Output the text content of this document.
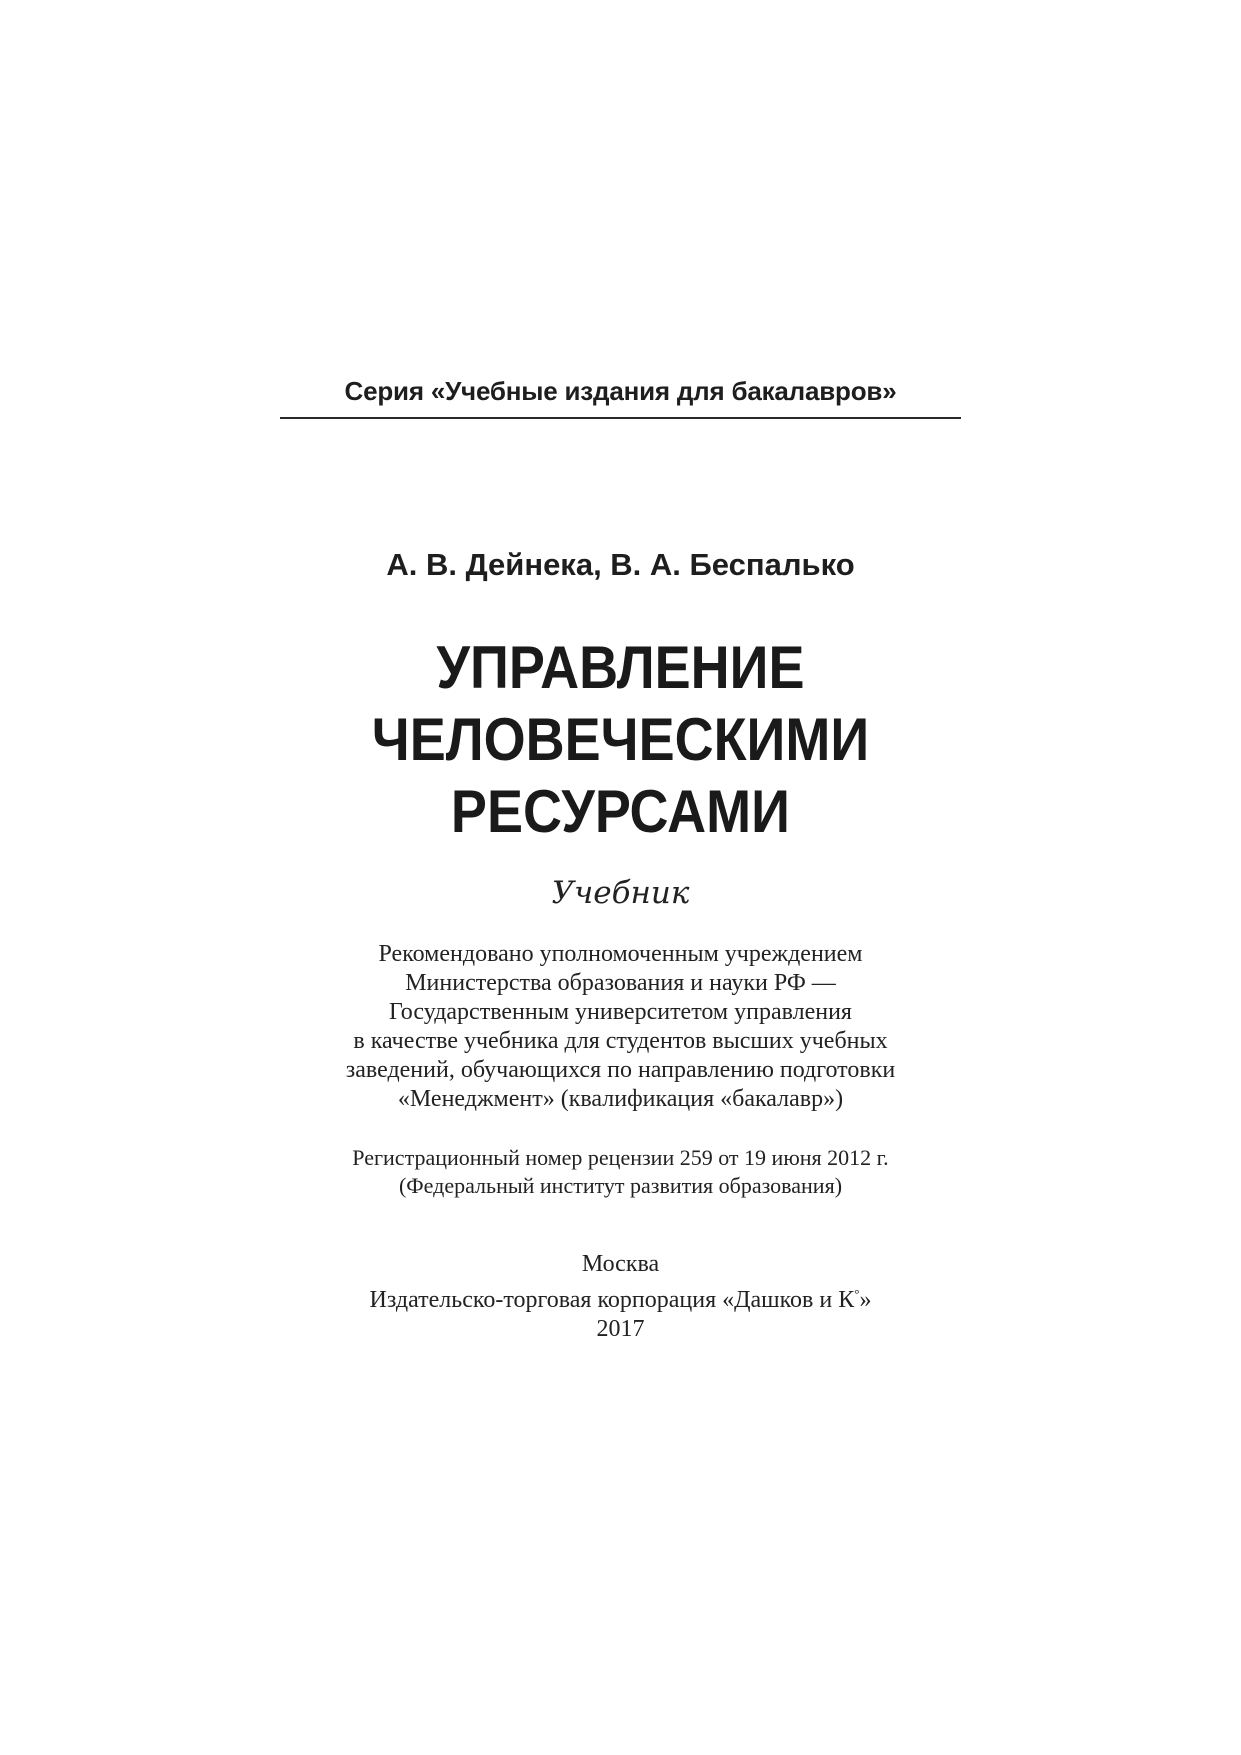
Серия «Учебные издания для бакалавров»
А. В. Дейнека, В. А. Беспалько
УПРАВЛЕНИЕ
ЧЕЛОВЕЧЕСКИМИ
РЕСУРСАМИ
Учебник
Рекомендовано уполномоченным учреждением
Министерства образования и науки РФ —
Государственным университетом управления
в качестве учебника для студентов высших учебных
заведений, обучающихся по направлению подготовки
«Менеджмент» (квалификация «бакалавр»)
Регистрационный номер рецензии 259 от 19 июня 2012 г.
(Федеральный институт развития образования)
Москва
Издательско-торговая корпорация «Дашков и К°»
2017
